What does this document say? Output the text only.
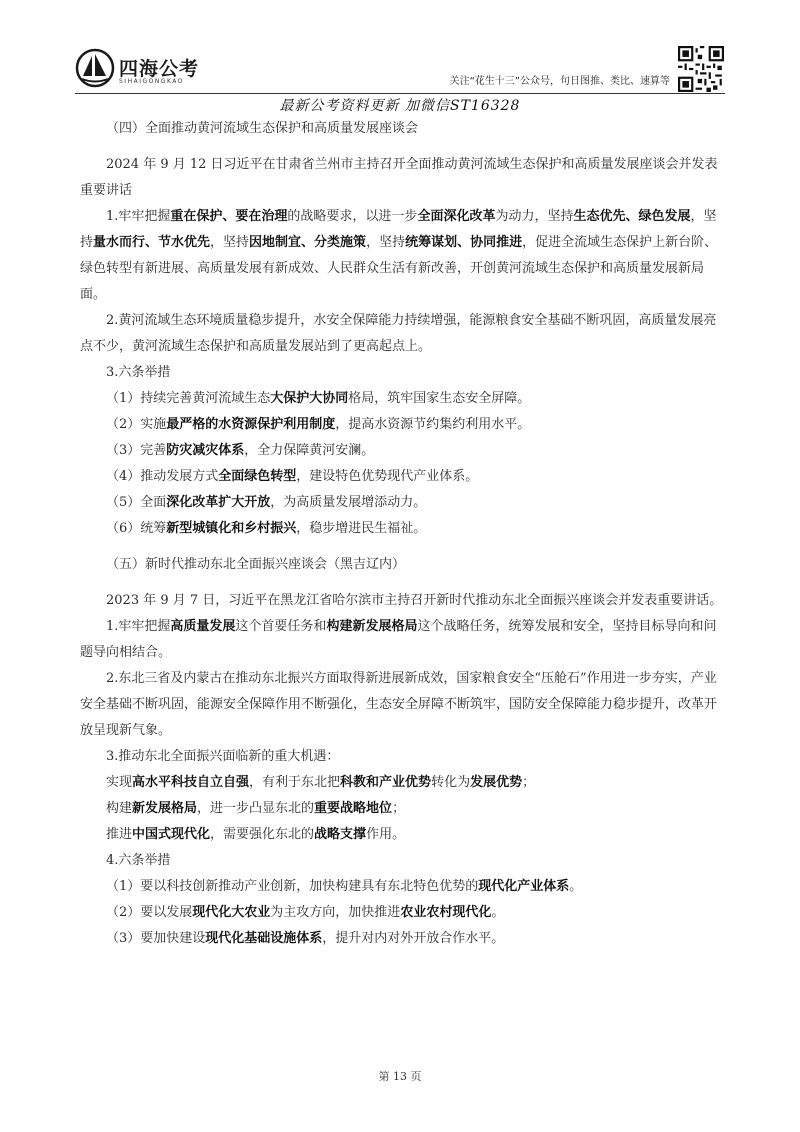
四海公考
SIHAIGONGKAO	关注“花生十三”公众号，句日图推、类比、速算等
最新公考资料更新 加微信ST16328

（四）全面推动黄河流域生态保护和高质量发展座谈会

2024 年 9 月 12 日习近平在甘肃省兰州市主持召开全面推动黄河流域生态保护和高质量发展座谈会并发表重要讲话

1.牢牢把握重在保护、要在治理的战略要求，以进一步全面深化改革为动力，坚持生态优先、绿色发展，坚持量水而行、节水优先，坚持因地制宜、分类施策，坚持统筹谋划、协同推进，促进全流域生态保护上新台阶、绿色转型有新进展、高质量发展有新成效、人民群众生活有新改善，开创黄河流域生态保护和高质量发展新局面。

2.黄河流域生态环境质量稳步提升，水安全保障能力持续增强，能源粮食安全基础不断巩固，高质量发展亮点不少，黄河流域生态保护和高质量发展站到了更高起点上。

3.六条举措

（1）持续完善黄河流域生态大保护大协同格局，筑牢国家生态安全屏障。

（2）实施最严格的水资源保护利用制度，提高水资源节约集约利用水平。

（3）完善防灾减灾体系，全力保障黄河安澜。

（4）推动发展方式全面绿色转型，建设特色优势现代产业体系。

（5）全面深化改革扩大开放，为高质量发展增添动力。

（6）统筹新型城镇化和乡村振兴，稳步增进民生福祉。

（五）新时代推动东北全面振兴座谈会（黑吉辽内）

2023 年 9 月 7 日，习近平在黑龙江省哈尔滨市主持召开新时代推动东北全面振兴座谈会并发表重要讲话。

1.牢牢把握高质量发展这个首要任务和构建新发展格局这个战略任务，统筹发展和安全，坚持目标导向和问题导向相结合。

2.东北三省及内蒙古在推动东北振兴方面取得新进展新成效，国家粮食安全“压舱石”作用进一步夯实，产业安全基础不断巩固，能源安全保障作用不断强化，生态安全屏障不断筑牢，国防安全保障能力稳步提升，改革开放呈现新气象。

3.推动东北全面振兴面临新的重大机遇：

实现高水平科技自立自强，有利于东北把科教和产业优势转化为发展优势；

构建新发展格局，进一步凸显东北的重要战略地位；

推进中国式现代化，需要强化东北的战略支撑作用。

4.六条举措

（1）要以科技创新推动产业创新，加快构建具有东北特色优势的现代化产业体系。

（2）要以发展现代化大农业为主攻方向，加快推进农业农村现代化。

（3）要加快建设现代化基础设施体系，提升对内对外开放合作水平。

第 13 页
